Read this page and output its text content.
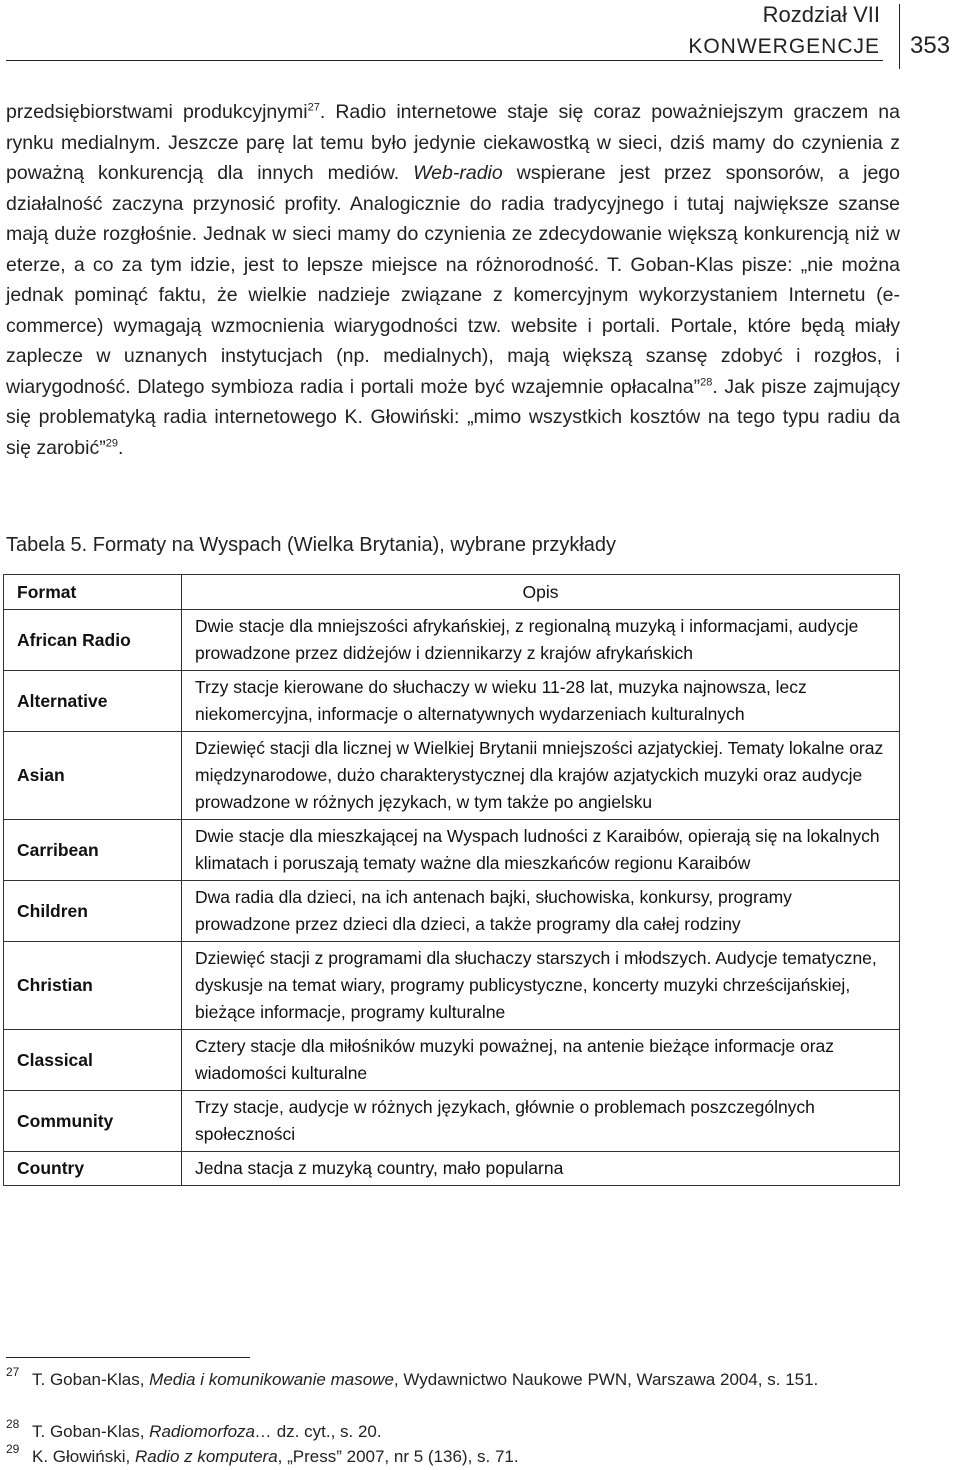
Rozdział VII
KONWERGENCJE 353
przedsiębiorstwami produkcyjnymi$^{27}$. Radio internetowe staje się coraz poważniejszym graczem na rynku medialnym. Jeszcze parę lat temu było jedynie ciekawostką w sieci, dziś mamy do czynienia z poważną konkurencją dla innych mediów. Web-radio wspierane jest przez sponsorów, a jego działalność zaczyna przynosić profity. Analogicznie do radia tradycyjnego i tutaj największe szanse mają duże rozgłośnie. Jednak w sieci mamy do czynienia ze zdecydowanie większą konkurencją niż w eterze, a co za tym idzie, jest to lepsze miejsce na różnorodność. T. Goban-Klas pisze: „nie można jednak pominąć faktu, że wielkie nadzieje związane z komercyjnym wykorzystaniem Internetu (e-commerce) wymagają wzmocnienia wiarygodności tzw. website i portali. Portale, które będą miały zaplecze w uznanych instytucjach (np. medialnych), mają większą szansę zdobyć i rozgłos, i wiarygodność. Dlatego symbioza radia i portali może być wzajemnie opłacalna”$^{28}$. Jak pisze zajmujący się problematyką radia internetowego K. Głowiński: „mimo wszystkich kosztów na tego typu radiu da się zarobić”$^{29}$.
Tabela 5. Formaty na Wyspach (Wielka Brytania), wybrane przykłady
Format	Opis
African Radio	Dwie stacje dla mniejszości afrykańskiej, z regionalną muzyką i informacjami, audycje prowadzone przez didżejów i dziennikarzy z krajów afrykańskich
Alternative	Trzy stacje kierowane do słuchaczy w wieku 11-28 lat, muzyka najnowsza, lecz niekomercyjna, informacje o alternatywnych wydarzeniach kulturalnych
Asian	Dziewięć stacji dla licznej w Wielkiej Brytanii mniejszości azjatyckiej. Tematy lokalne oraz międzynarodowe, dużo charakterystycznej dla krajów azjatyckich muzyki oraz audycje prowadzone w różnych językach, w tym także po angielsku
Carribean	Dwie stacje dla mieszkającej na Wyspach ludności z Karaibów, opierają się na lokalnych klimatach i poruszają tematy ważne dla mieszkańców regionu Karaibów
Children	Dwa radia dla dzieci, na ich antenach bajki, słuchowiska, konkursy, programy prowadzone przez dzieci dla dzieci, a także programy dla całej rodziny
Christian	Dziewięć stacji z programami dla słuchaczy starszych i młodszych. Audycje tematyczne, dyskusje na temat wiary, programy publicystyczne, koncerty muzyki chrześcijańskiej, bieżące informacje, programy kulturalne
Classical	Cztery stacje dla miłośników muzyki poważnej, na antenie bieżące informacje oraz wiadomości kulturalne
Community	Trzy stacje, audycje w różnych językach, głównie o problemach poszczególnych społeczności
Country	Jedna stacja z muzyką country, mało popularna
27 T. Goban-Klas, Media i komunikowanie masowe, Wydawnictwo Naukowe PWN, Warszawa 2004, s. 151.
28 T. Goban-Klas, Radiomorfoza… dz. cyt., s. 20.
29 K. Głowiński, Radio z komputera, „Press” 2007, nr 5 (136), s. 71.
